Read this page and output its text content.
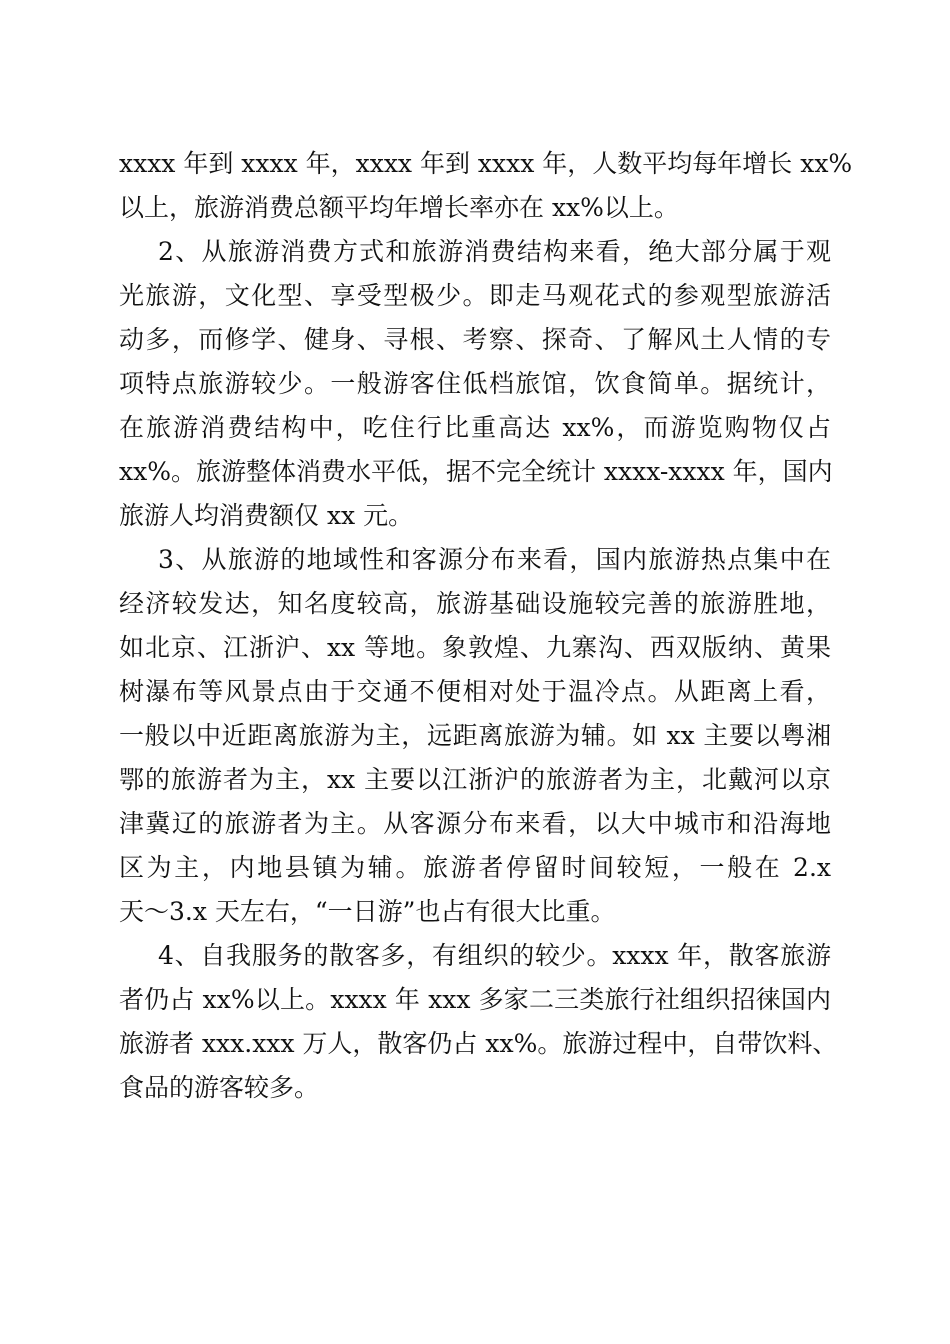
xxxx 年到 xxxx 年，xxxx 年到 xxxx 年，人数平均每年增长 xx%
以上，旅游消费总额平均年增长率亦在 xx%以上。
2、从旅游消费方式和旅游消费结构来看，绝大部分属于观
光旅游，文化型、享受型极少。即走马观花式的参观型旅游活
动多，而修学、健身、寻根、考察、探奇、了解风土人情的专
项特点旅游较少。一般游客住低档旅馆，饮食简单。据统计，
在旅游消费结构中，吃住行比重高达 xx%，而游览购物仅占
xx%。旅游整体消费水平低，据不完全统计 xxxx-xxxx 年，国内
旅游人均消费额仅 xx 元。
3、从旅游的地域性和客源分布来看，国内旅游热点集中在
经济较发达，知名度较高，旅游基础设施较完善的旅游胜地，
如北京、江浙沪、xx 等地。象敦煌、九寨沟、西双版纳、黄果
树瀑布等风景点由于交通不便相对处于温冷点。从距离上看，
一般以中近距离旅游为主，远距离旅游为辅。如 xx 主要以粤湘
鄂的旅游者为主，xx 主要以江浙沪的旅游者为主，北戴河以京
津冀辽的旅游者为主。从客源分布来看，以大中城市和沿海地
区为主，内地县镇为辅。旅游者停留时间较短，一般在 2.x
天～3.x 天左右，“一日游”也占有很大比重。
4、自我服务的散客多，有组织的较少。xxxx 年，散客旅游
者仍占 xx%以上。xxxx 年 xxx 多家二三类旅行社组织招徕国内
旅游者 xxx.xxx 万人，散客仍占 xx%。旅游过程中，自带饮料、
食品的游客较多。
